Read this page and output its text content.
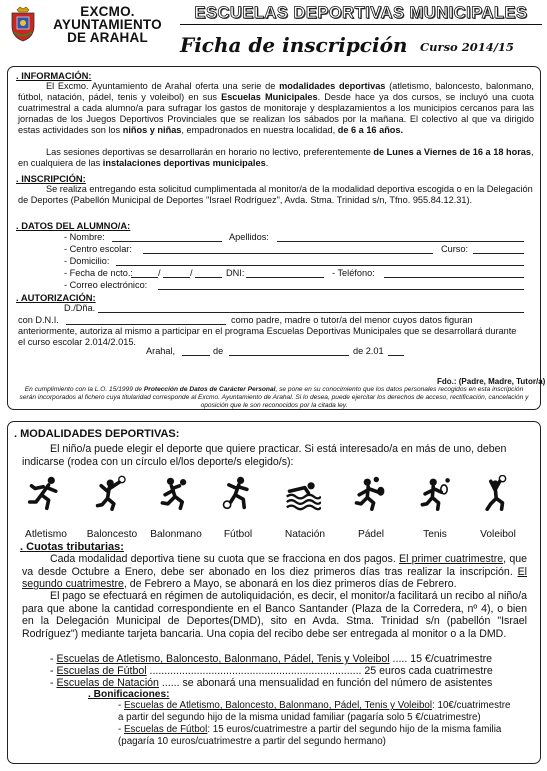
EXCMO.
AYUNTAMIENTO
DE ARAHAL
ESCUELAS DEPORTIVAS MUNICIPALES
Ficha de inscripción Curso 2014/15
. INFORMACIÓN:
El Excmo. Ayuntamiento de Arahal oferta una serie de modalidades deportivas (atletismo, baloncesto, balonmano, fútbol, natación, pádel, tenis y voleibol) en sus Escuelas Municipales. Desde hace ya dos cursos, se incluyó una cuota cuatrimestral a cada alumno/a para sufragar los gastos de monitoraje y desplazamientos a los municipios cercanos para las jornadas de los Juegos Deportivos Provinciales que se realizan los sábados por la mañana. El colectivo al que va dirigido estas actividades son los niños y niñas, empadronados en nuestra localidad, de 6 a 16 años.
Las sesiones deportivas se desarrollarán en horario no lectivo, preferentemente de Lunes a Viernes de 16 a 18 horas, en cualquiera de las instalaciones deportivas municipales.
. INSCRIPCIÓN:
Se realiza entregando esta solicitud cumplimentada al monitor/a de la modalidad deportiva escogida o en la Delegación de Deportes (Pabellón Municipal de Deportes "Israel Rodríguez", Avda. Stma. Trinidad s/n, Tfno. 955.84.12.31).
. DATOS DEL ALUMNO/A:
- Nombre:	Apellidos:
- Centro escolar:	Curso:
- Domicilio:
- Fecha de ncto.:	/	/	DNI:	- Teléfono:
- Correo electrónico:
. AUTORIZACIÓN:
D./Dña.
con D.N.I.	como padre, madre o tutor/a del menor cuyos datos figuran
anteriormente, autoriza al mismo a participar en el programa Escuelas Deportivas Municipales que se desarrollará durante el curso escolar 2.014/2.015.
Arahal,	de	de 2.01
Fdo.: (Padre, Madre, Tutor/a)
En cumplimiento con la L.O. 15/1999 de Protección de Datos de Carácter Personal, se pone en su conocimiento que los datos personales recogidos en esta inscripción serán incorporados al fichero cuya titularidad corresponde al Excmo. Ayuntamiento de Arahal. Si lo desea, puede ejercitar los derechos de acceso, rectificación, cancelación y oposición que le son reconocidos por la citada ley.
. MODALIDADES DEPORTIVAS:
El niño/a puede elegir el deporte que quiere practicar. Si está interesado/a en más de uno, deben indicarse (rodea con un círculo el/los deporte/s elegido/s):
Atletismo	Baloncesto	Balonmano	Fútbol	Natación	Pádel	Tenis	Voleibol
. Cuotas tributarias:
Cada modalidad deportiva tiene su cuota que se fracciona en dos pagos. El primer cuatrimestre, que va desde Octubre a Enero, debe ser abonado en los diez primeros días tras realizar la inscripción. El segundo cuatrimestre, de Febrero a Mayo, se abonará en los diez primeros días de Febrero.
El pago se efectuará en régimen de autoliquidación, es decir, el monitor/a facilitará un recibo al niño/a para que abone la cantidad correspondiente en el Banco Santander (Plaza de la Corredera, nº 4), o bien en la Delegación Municipal de Deportes(DMD), sito en Avda. Stma. Trinidad s/n (pabellón "Israel Rodríguez") mediante tarjeta bancaria. Una copia del recibo debe ser entregada al monitor o a la DMD.
- Escuelas de Atletismo, Baloncesto, Balonmano, Pádel, Tenis y Voleibol ..... 15 €/cuatrimestre
- Escuelas de Fútbol ........................................................................ 25 euros cada cuatrimestre
- Escuelas de Natación ...... se abonará una mensualidad en función del número de asistentes
. Bonificaciones:
- Escuelas de Atletismo, Baloncesto, Balonmano, Pádel, Tenis y Voleibol: 10€/cuatrimestre
a partir del segundo hijo de la misma unidad familiar (pagaría solo 5 €/cuatrimestre)
- Escuelas de Fútbol: 15 euros/cuatrimestre a partir del segundo hijo de la misma familia
(pagaría 10 euros/cuatrimestre a partir del segundo hermano)
